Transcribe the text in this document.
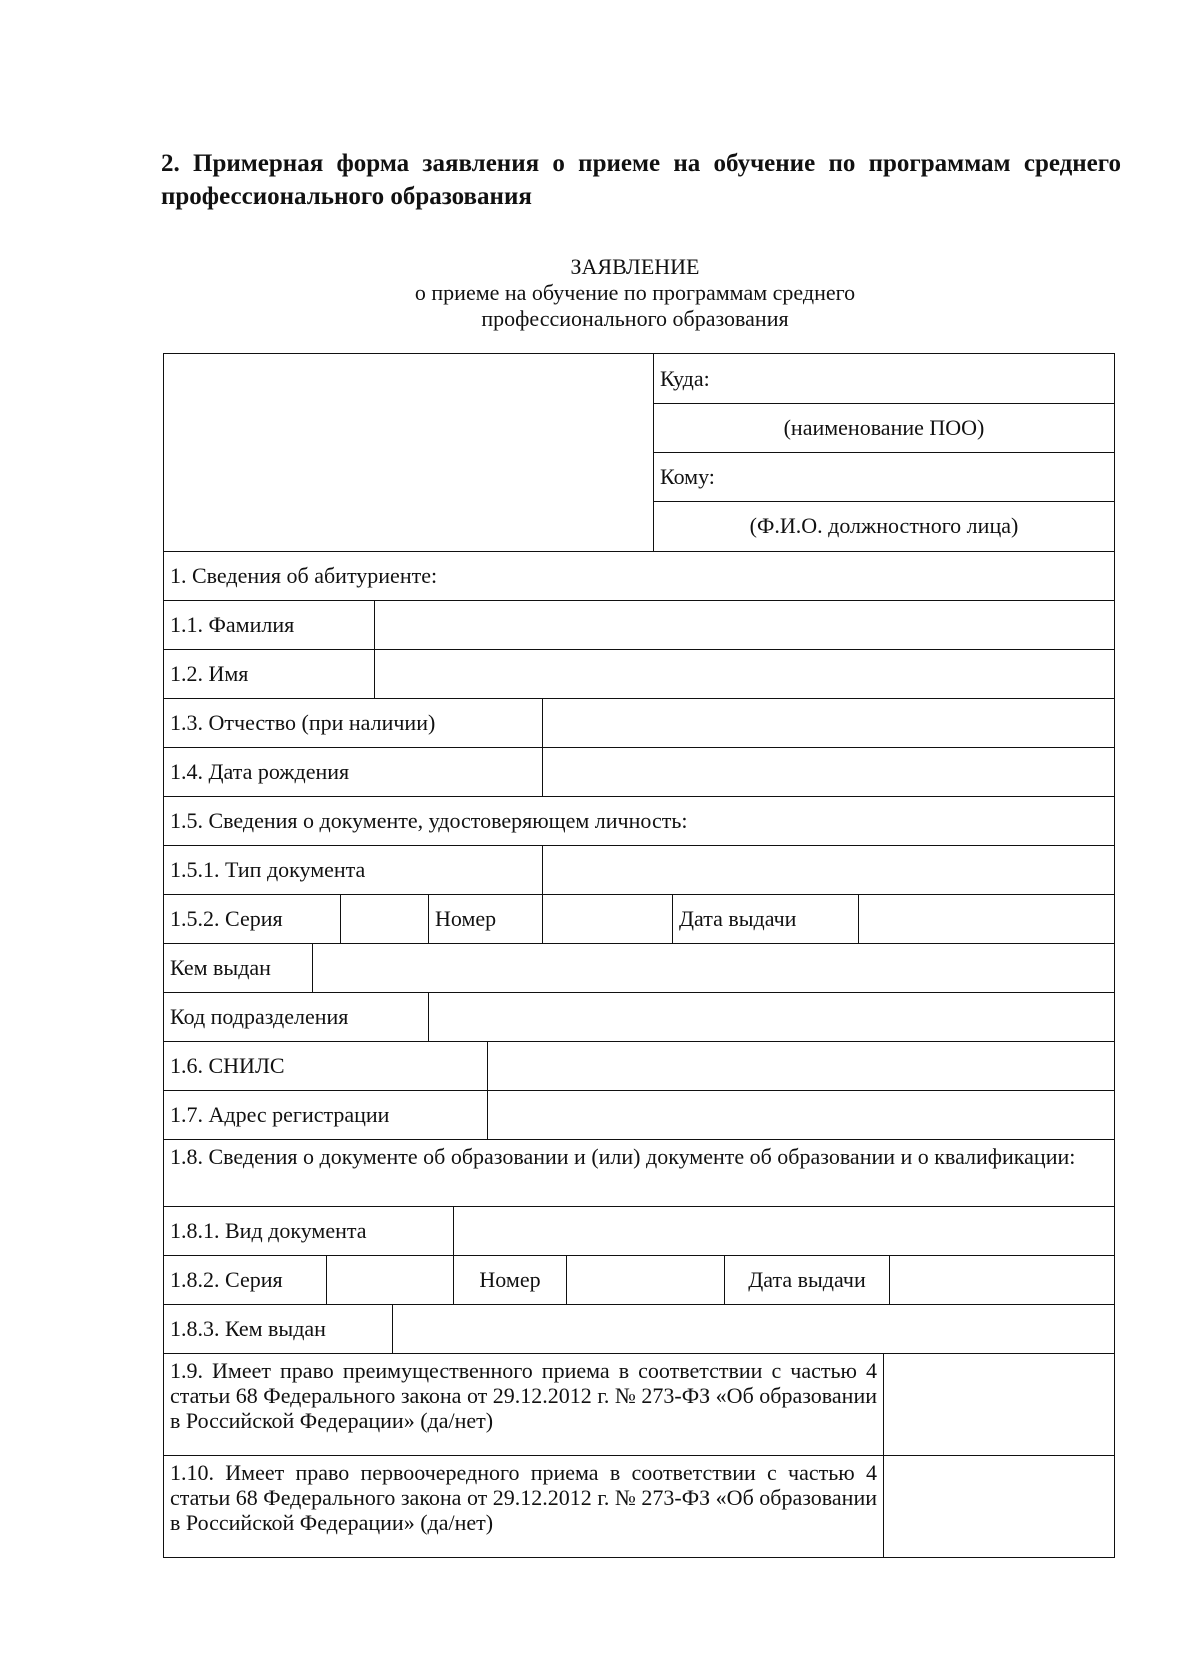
2. Примерная форма заявления о приеме на обучение по программам среднего профессионального образования
ЗАЯВЛЕНИЕ
о приеме на обучение по программам среднего
профессионального образования
Куда:
(наименование ПОО)
Кому:
(Ф.И.О. должностного лица)
1. Сведения об абитуриенте:
1.1. Фамилия
1.2. Имя
1.3. Отчество (при наличии)
1.4. Дата рождения
1.5. Сведения о документе, удостоверяющем личность:
1.5.1. Тип документа
1.5.2. Серия	Номер	Дата выдачи
Кем выдан
Код подразделения
1.6. СНИЛС
1.7. Адрес регистрации
1.8. Сведения о документе об образовании и (или) документе об образовании и о квалификации:
1.8.1. Вид документа
1.8.2. Серия	Номер	Дата выдачи
1.8.3. Кем выдан
1.9. Имеет право преимущественного приема в соответствии с частью 4 статьи 68 Федерального закона от 29.12.2012 г. № 273-ФЗ «Об образовании в Российской Федерации» (да/нет)
1.10. Имеет право первоочередного приема в соответствии с частью 4 статьи 68 Федерального закона от 29.12.2012 г. № 273-ФЗ «Об образовании в Российской Федерации» (да/нет)
